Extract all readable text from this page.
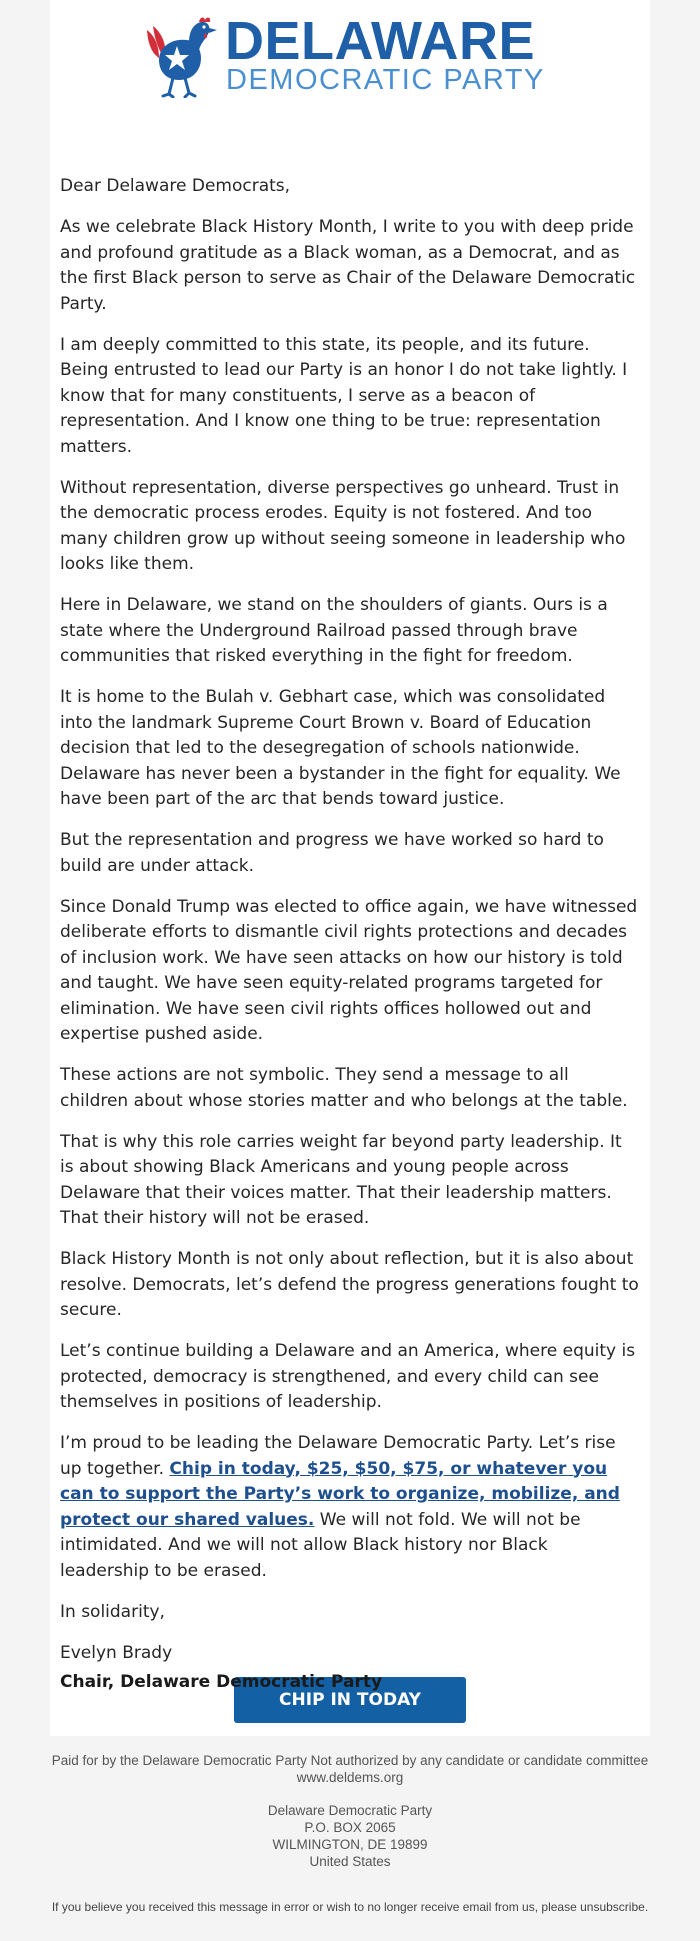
DELAWARE
DEMOCRATIC PARTY
CHIP IN TODAY

Dear Delaware Democrats,

As we celebrate Black History Month, I write to you with deep pride and profound gratitude as a Black woman, as a Democrat, and as the first Black person to serve as Chair of the Delaware Democratic Party.

I am deeply committed to this state, its people, and its future. Being entrusted to lead our Party is an honor I do not take lightly. I know that for many constituents, I serve as a beacon of representation. And I know one thing to be true: representation matters.

Without representation, diverse perspectives go unheard. Trust in the democratic process erodes. Equity is not fostered. And too many children grow up without seeing someone in leadership who looks like them.

Here in Delaware, we stand on the shoulders of giants. Ours is a state where the Underground Railroad passed through brave communities that risked everything in the fight for freedom.

It is home to the Bulah v. Gebhart case, which was consolidated into the landmark Supreme Court Brown v. Board of Education decision that led to the desegregation of schools nationwide. Delaware has never been a bystander in the fight for equality. We have been part of the arc that bends toward justice.

But the representation and progress we have worked so hard to build are under attack.

Since Donald Trump was elected to office again, we have witnessed deliberate efforts to dismantle civil rights protections and decades of inclusion work. We have seen attacks on how our history is told and taught. We have seen equity-related programs targeted for elimination. We have seen civil rights offices hollowed out and expertise pushed aside.

These actions are not symbolic. They send a message to all children about whose stories matter and who belongs at the table.

That is why this role carries weight far beyond party leadership. It is about showing Black Americans and young people across Delaware that their voices matter. That their leadership matters. That their history will not be erased.

Black History Month is not only about reflection, but it is also about resolve. Democrats, let’s defend the progress generations fought to secure.

Let’s continue building a Delaware and an America, where equity is protected, democracy is strengthened, and every child can see themselves in positions of leadership.

I’m proud to be leading the Delaware Democratic Party. Let’s rise up together. Chip in today, $25, $50, $75, or whatever you can to support the Party’s work to organize, mobilize, and protect our shared values. We will not fold. We will not be intimidated. And we will not allow Black history nor Black leadership to be erased.

In solidarity,

Evelyn Brady

Chair, Delaware Democratic Party

Paid for by the Delaware Democratic Party Not authorized by any candidate or candidate committee www.deldems.org
Delaware Democratic Party
P.O. BOX 2065
WILMINGTON, DE 19899
United States
If you believe you received this message in error or wish to no longer receive email from us, please unsubscribe.
